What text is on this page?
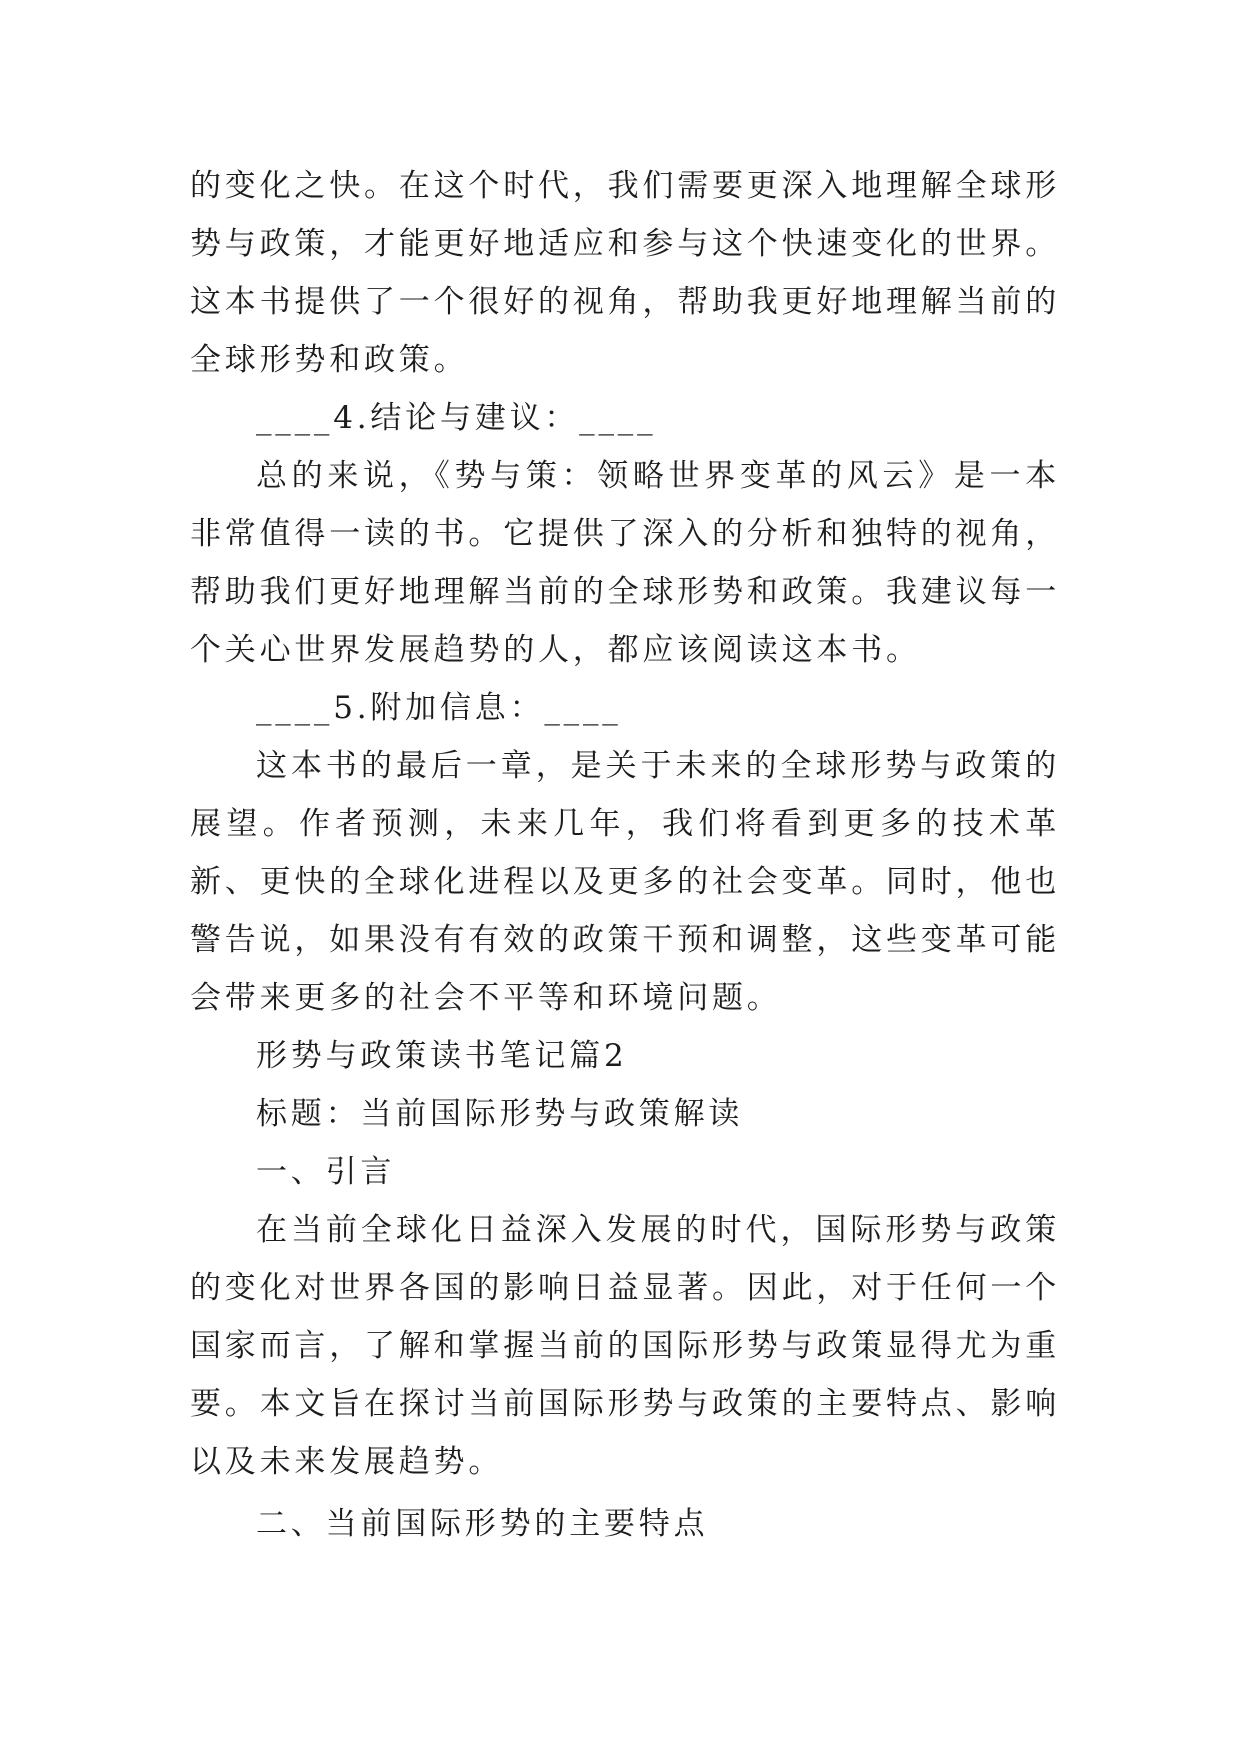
的变化之快。在这个时代，我们需要更深入地理解全球形势与政策，才能更好地适应和参与这个快速变化的世界。这本书提供了一个很好的视角，帮助我更好地理解当前的全球形势和政策。

____4.结论与建议：____

总的来说，《势与策：领略世界变革的风云》是一本非常值得一读的书。它提供了深入的分析和独特的视角，帮助我们更好地理解当前的全球形势和政策。我建议每一个关心世界发展趋势的人，都应该阅读这本书。

____5.附加信息：____

这本书的最后一章，是关于未来的全球形势与政策的展望。作者预测，未来几年，我们将看到更多的技术革新、更快的全球化进程以及更多的社会变革。同时，他也警告说，如果没有有效的政策干预和调整，这些变革可能会带来更多的社会不平等和环境问题。

形势与政策读书笔记篇2

标题：当前国际形势与政策解读

一、引言

在当前全球化日益深入发展的时代，国际形势与政策的变化对世界各国的影响日益显著。因此，对于任何一个国家而言，了解和掌握当前的国际形势与政策显得尤为重要。本文旨在探讨当前国际形势与政策的主要特点、影响以及未来发展趋势。

二、当前国际形势的主要特点
